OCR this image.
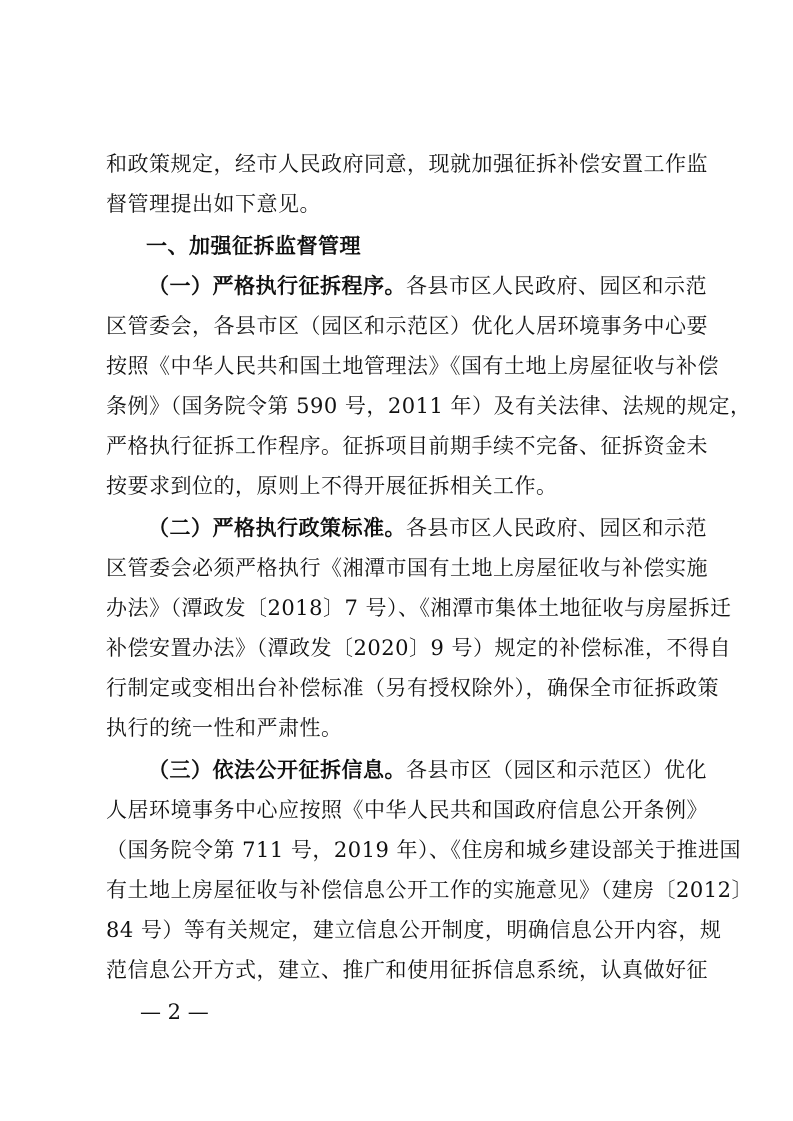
和政策规定，经市人民政府同意，现就加强征拆补偿安置工作监
督管理提出如下意见。
一、加强征拆监督管理
（一）严格执行征拆程序。各县市区人民政府、园区和示范
区管委会，各县市区（园区和示范区）优化人居环境事务中心要
按照《中华人民共和国土地管理法》《国有土地上房屋征收与补偿
条例》（国务院令第 590 号，2011 年）及有关法律、法规的规定，
严格执行征拆工作程序。征拆项目前期手续不完备、征拆资金未
按要求到位的，原则上不得开展征拆相关工作。
（二）严格执行政策标准。各县市区人民政府、园区和示范
区管委会必须严格执行《湘潭市国有土地上房屋征收与补偿实施
办法》（潭政发〔2018〕7 号）、《湘潭市集体土地征收与房屋拆迁
补偿安置办法》（潭政发〔2020〕9 号）规定的补偿标准，不得自
行制定或变相出台补偿标准（另有授权除外），确保全市征拆政策
执行的统一性和严肃性。
（三）依法公开征拆信息。各县市区（园区和示范区）优化
人居环境事务中心应按照《中华人民共和国政府信息公开条例》
（国务院令第 711 号，2019 年）、《住房和城乡建设部关于推进国
有土地上房屋征收与补偿信息公开工作的实施意见》（建房〔2012〕
84 号）等有关规定，建立信息公开制度，明确信息公开内容，规
范信息公开方式，建立、推广和使用征拆信息系统，认真做好征
— 2 —
